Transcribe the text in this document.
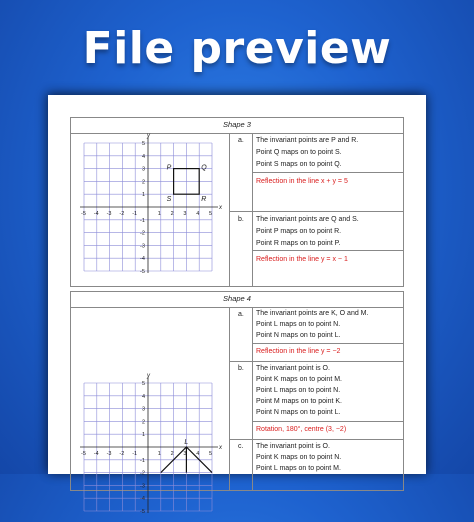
File preview
Shape 3
x
y
-5 -4 -3 -2 -1	1 2 3 4 5
5
4
3
2
1
-1
-2
-3
-4
-5
P	Q
S	R
a. The invariant points are P and R.
Point Q maps on to point S.
Point S maps on to point Q.
Reflection in the line x + y = 5
b. The invariant points are Q and S.
Point P maps on to point R.
Point R maps on to point P.
Reflection in the line y = x − 1
Shape 4
x
y
-5 -4 -3 -2 -1	1 2 3 4 5
5
4
3
2
1
-1
-2
-3
-4
-5
L
a. The invariant points are K, O and M.
Point L maps on to point N.
Point N maps on to point L.
Reflection in the line y = −2
b. The invariant point is O.
Point K maps on to point M.
Point L maps on to point N.
Point M maps on to point K.
Point N maps on to point L.
Rotation, 180°, centre (3, −2)
c. The invariant point is O.
Point K maps on to point N.
Point L maps on to point M.
